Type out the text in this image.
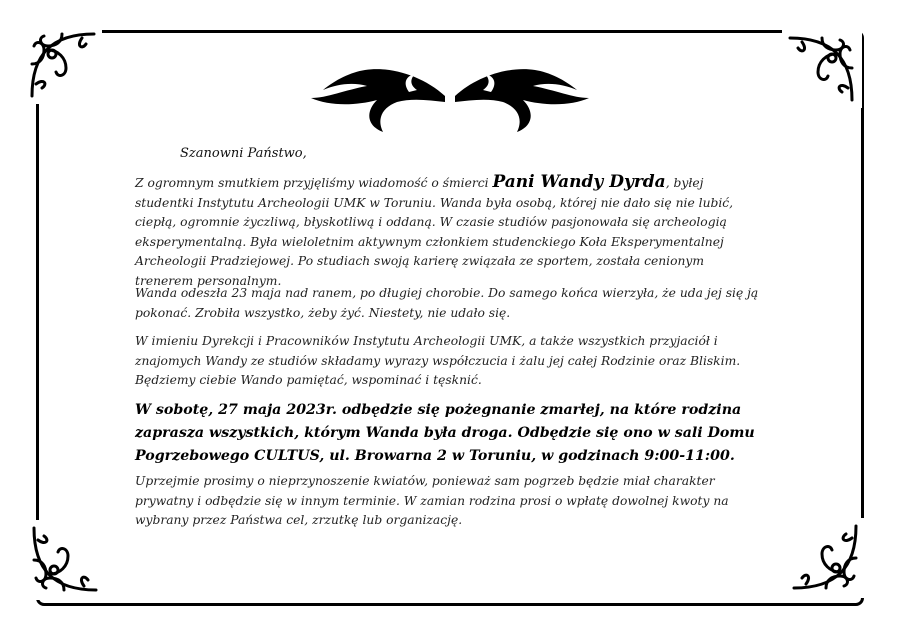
Szanowni Państwo,

Z ogromnym smutkiem przyjęliśmy wiadomość o śmierci Pani Wandy Dyrda, byłej studentki Instytutu Archeologii UMK w Toruniu. Wanda była osobą, której nie dało się nie lubić, ciepłą, ogromnie życzliwą, błyskotliwą i oddaną. W czasie studiów pasjonowała się archeologią eksperymentalną. Była wieloletnim aktywnym członkiem studenckiego Koła Eksperymentalnej Archeologii Pradziejowej. Po studiach swoją karierę związała ze sportem, została cenionym trenerem personalnym.

Wanda odeszła 23 maja nad ranem, po długiej chorobie. Do samego końca wierzyła, że uda jej się ją pokonać. Zrobiła wszystko, żeby żyć. Niestety, nie udało się.

W imieniu Dyrekcji i Pracowników Instytutu Archeologii UMK, a także wszystkich przyjaciół i znajomych Wandy ze studiów składamy wyrazy współczucia i żalu jej całej Rodzinie oraz Bliskim. Będziemy ciebie Wando pamiętać, wspominać i tęsknić.

W sobotę, 27 maja 2023r. odbędzie się pożegnanie zmarłej, na które rodzina zaprasza wszystkich, którym Wanda była droga. Odbędzie się ono w sali Domu Pogrzebowego CULTUS, ul. Browarna 2 w Toruniu, w godzinach 9:00-11:00.

Uprzejmie prosimy o nieprzynoszenie kwiatów, ponieważ sam pogrzeb będzie miał charakter prywatny i odbędzie się w innym terminie. W zamian rodzina prosi o wpłatę dowolnej kwoty na wybrany przez Państwa cel, zrzutkę lub organizację.
